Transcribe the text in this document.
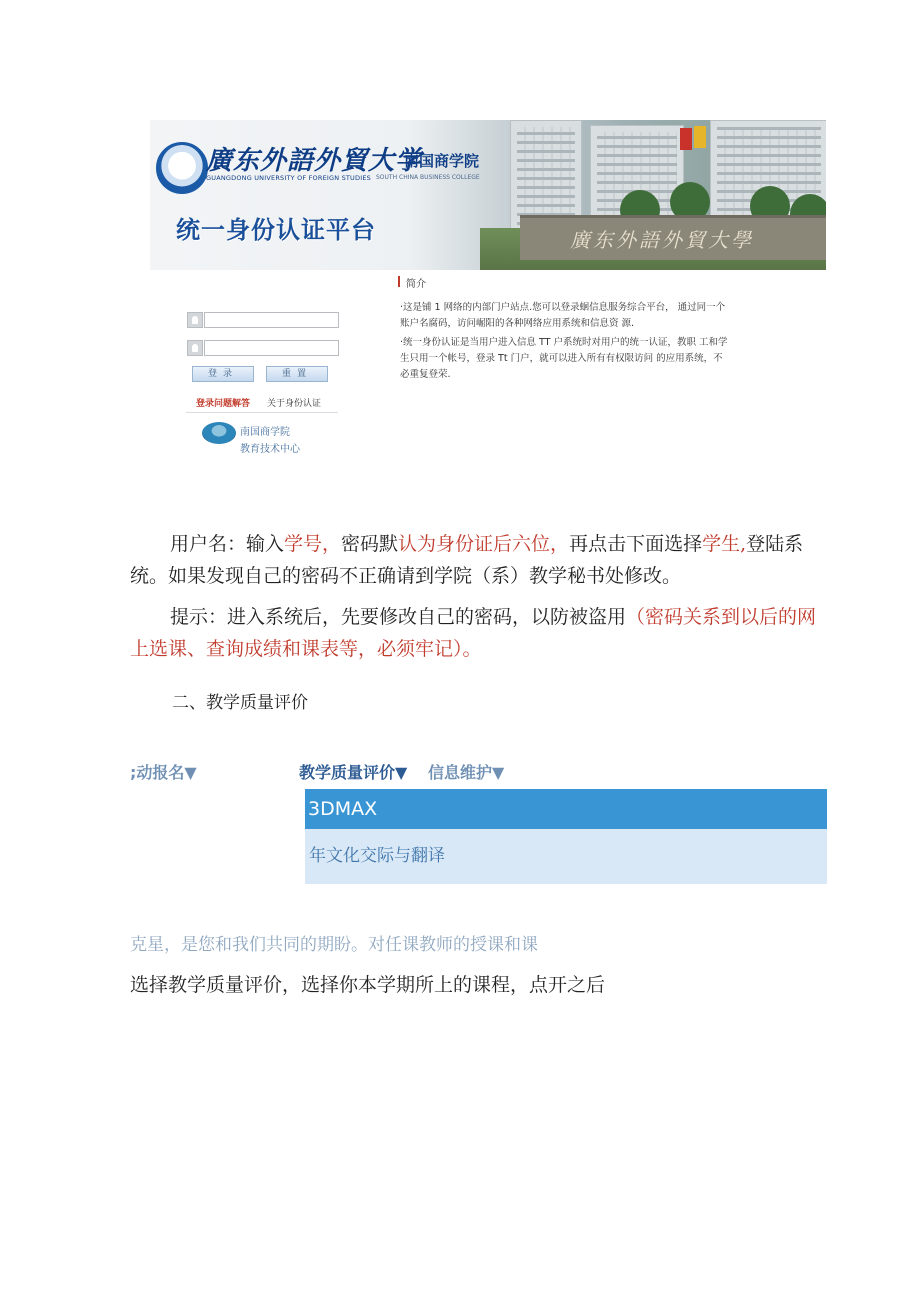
廣东外語外貿大學
廣东外語外貿大学
南国商学院
GUANGDONG UNIVERSITY OF FOREIGN STUDIES SOUTH CHINA BUSINESS COLLEGE
统一身份认证平台
登录	重置
登录问题解答 关于身份认证
南国商学院
教育技术中心
简介
·这是铺 1 网络的内部门户站点.您可以登录蛔信息服务综合平台， 通过同一个账户名腐码，访问崛阳的各种网络应用系统和信息资 源.
·统一身份认证是当用户进入信息 TT 户系统时对用户的统一认证，教职 工和学生只用一个帐号，登录 Tt 门户，就可以进入所有有权限访问 的应用系统，不必重复登荣.
用户名：输入学号，密码默认为身份证后六位，再点击下面选择学生,登陆系统。如果发现自己的密码不正确请到学院（系）教学秘书处修改。
提示：进入系统后，先要修改自己的密码，以防被盗用（密码关系到以后的网上选课、查询成绩和课表等，必须牢记）。
二、教学质量评价
;动报名▼	教学质量评价▼ 信息维护▼
3DMAX
年文化交际与翻译
克星，是您和我们共同的期盼。对任课教师的授课和课
选择教学质量评价，选择你本学期所上的课程，点开之后
